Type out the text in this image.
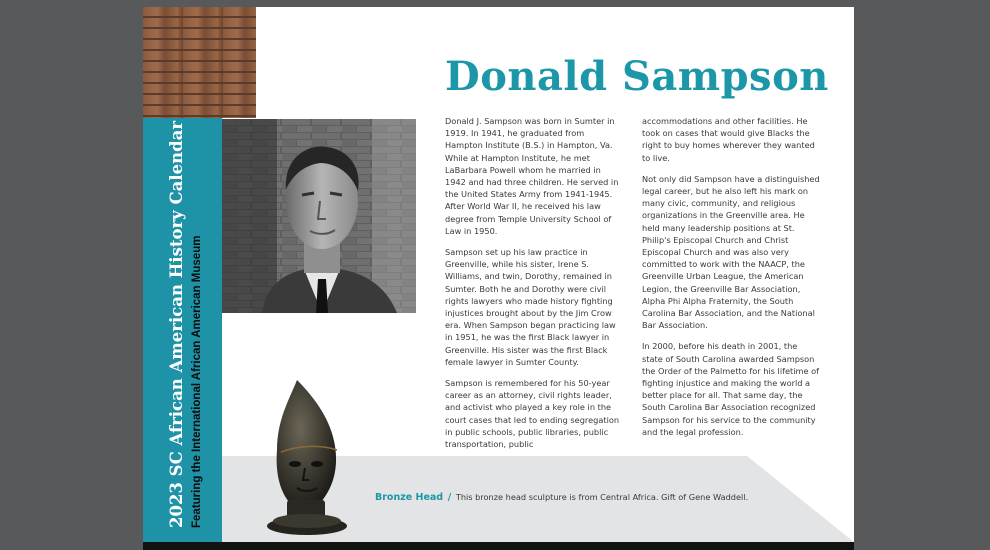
2023 SC African American History Calendar Featuring the International African American Museum
Donald Sampson

Donald J. Sampson was born in Sumter in 1919. In 1941, he graduated from Hampton Institute (B.S.) in Hampton, Va. While at Hampton Institute, he met LaBarbara Powell whom he married in 1942 and had three children. He served in the United States Army from 1941-1945. After World War II, he received his law degree from Temple University School of Law in 1950.

Sampson set up his law practice in Greenville, while his sister, Irene S. Williams, and twin, Dorothy, remained in Sumter. Both he and Dorothy were civil rights lawyers who made history fighting injustices brought about by the Jim Crow era. When Sampson began practicing law in 1951, he was the first Black lawyer in Greenville. His sister was the first Black female lawyer in Sumter County.

Sampson is remembered for his 50-year career as an attorney, civil rights leader, and activist who played a key role in the court cases that led to ending segregation in public schools, public libraries, public transportation, public

accommodations and other facilities. He took on cases that would give Blacks the right to buy homes wherever they wanted to live.

Not only did Sampson have a distinguished legal career, but he also left his mark on many civic, community, and religious organizations in the Greenville area. He held many leadership positions at St. Philip's Episcopal Church and Christ Episcopal Church and was also very committed to work with the NAACP, the Greenville Urban League, the American Legion, the Greenville Bar Association, Alpha Phi Alpha Fraternity, the South Carolina Bar Association, and the National Bar Association.

In 2000, before his death in 2001, the state of South Carolina awarded Sampson the Order of the Palmetto for his lifetime of fighting injustice and making the world a better place for all. That same day, the South Carolina Bar Association recognized Sampson for his service to the community and the legal profession.

Bronze Head / This bronze head sculpture is from Central Africa. Gift of Gene Waddell.
